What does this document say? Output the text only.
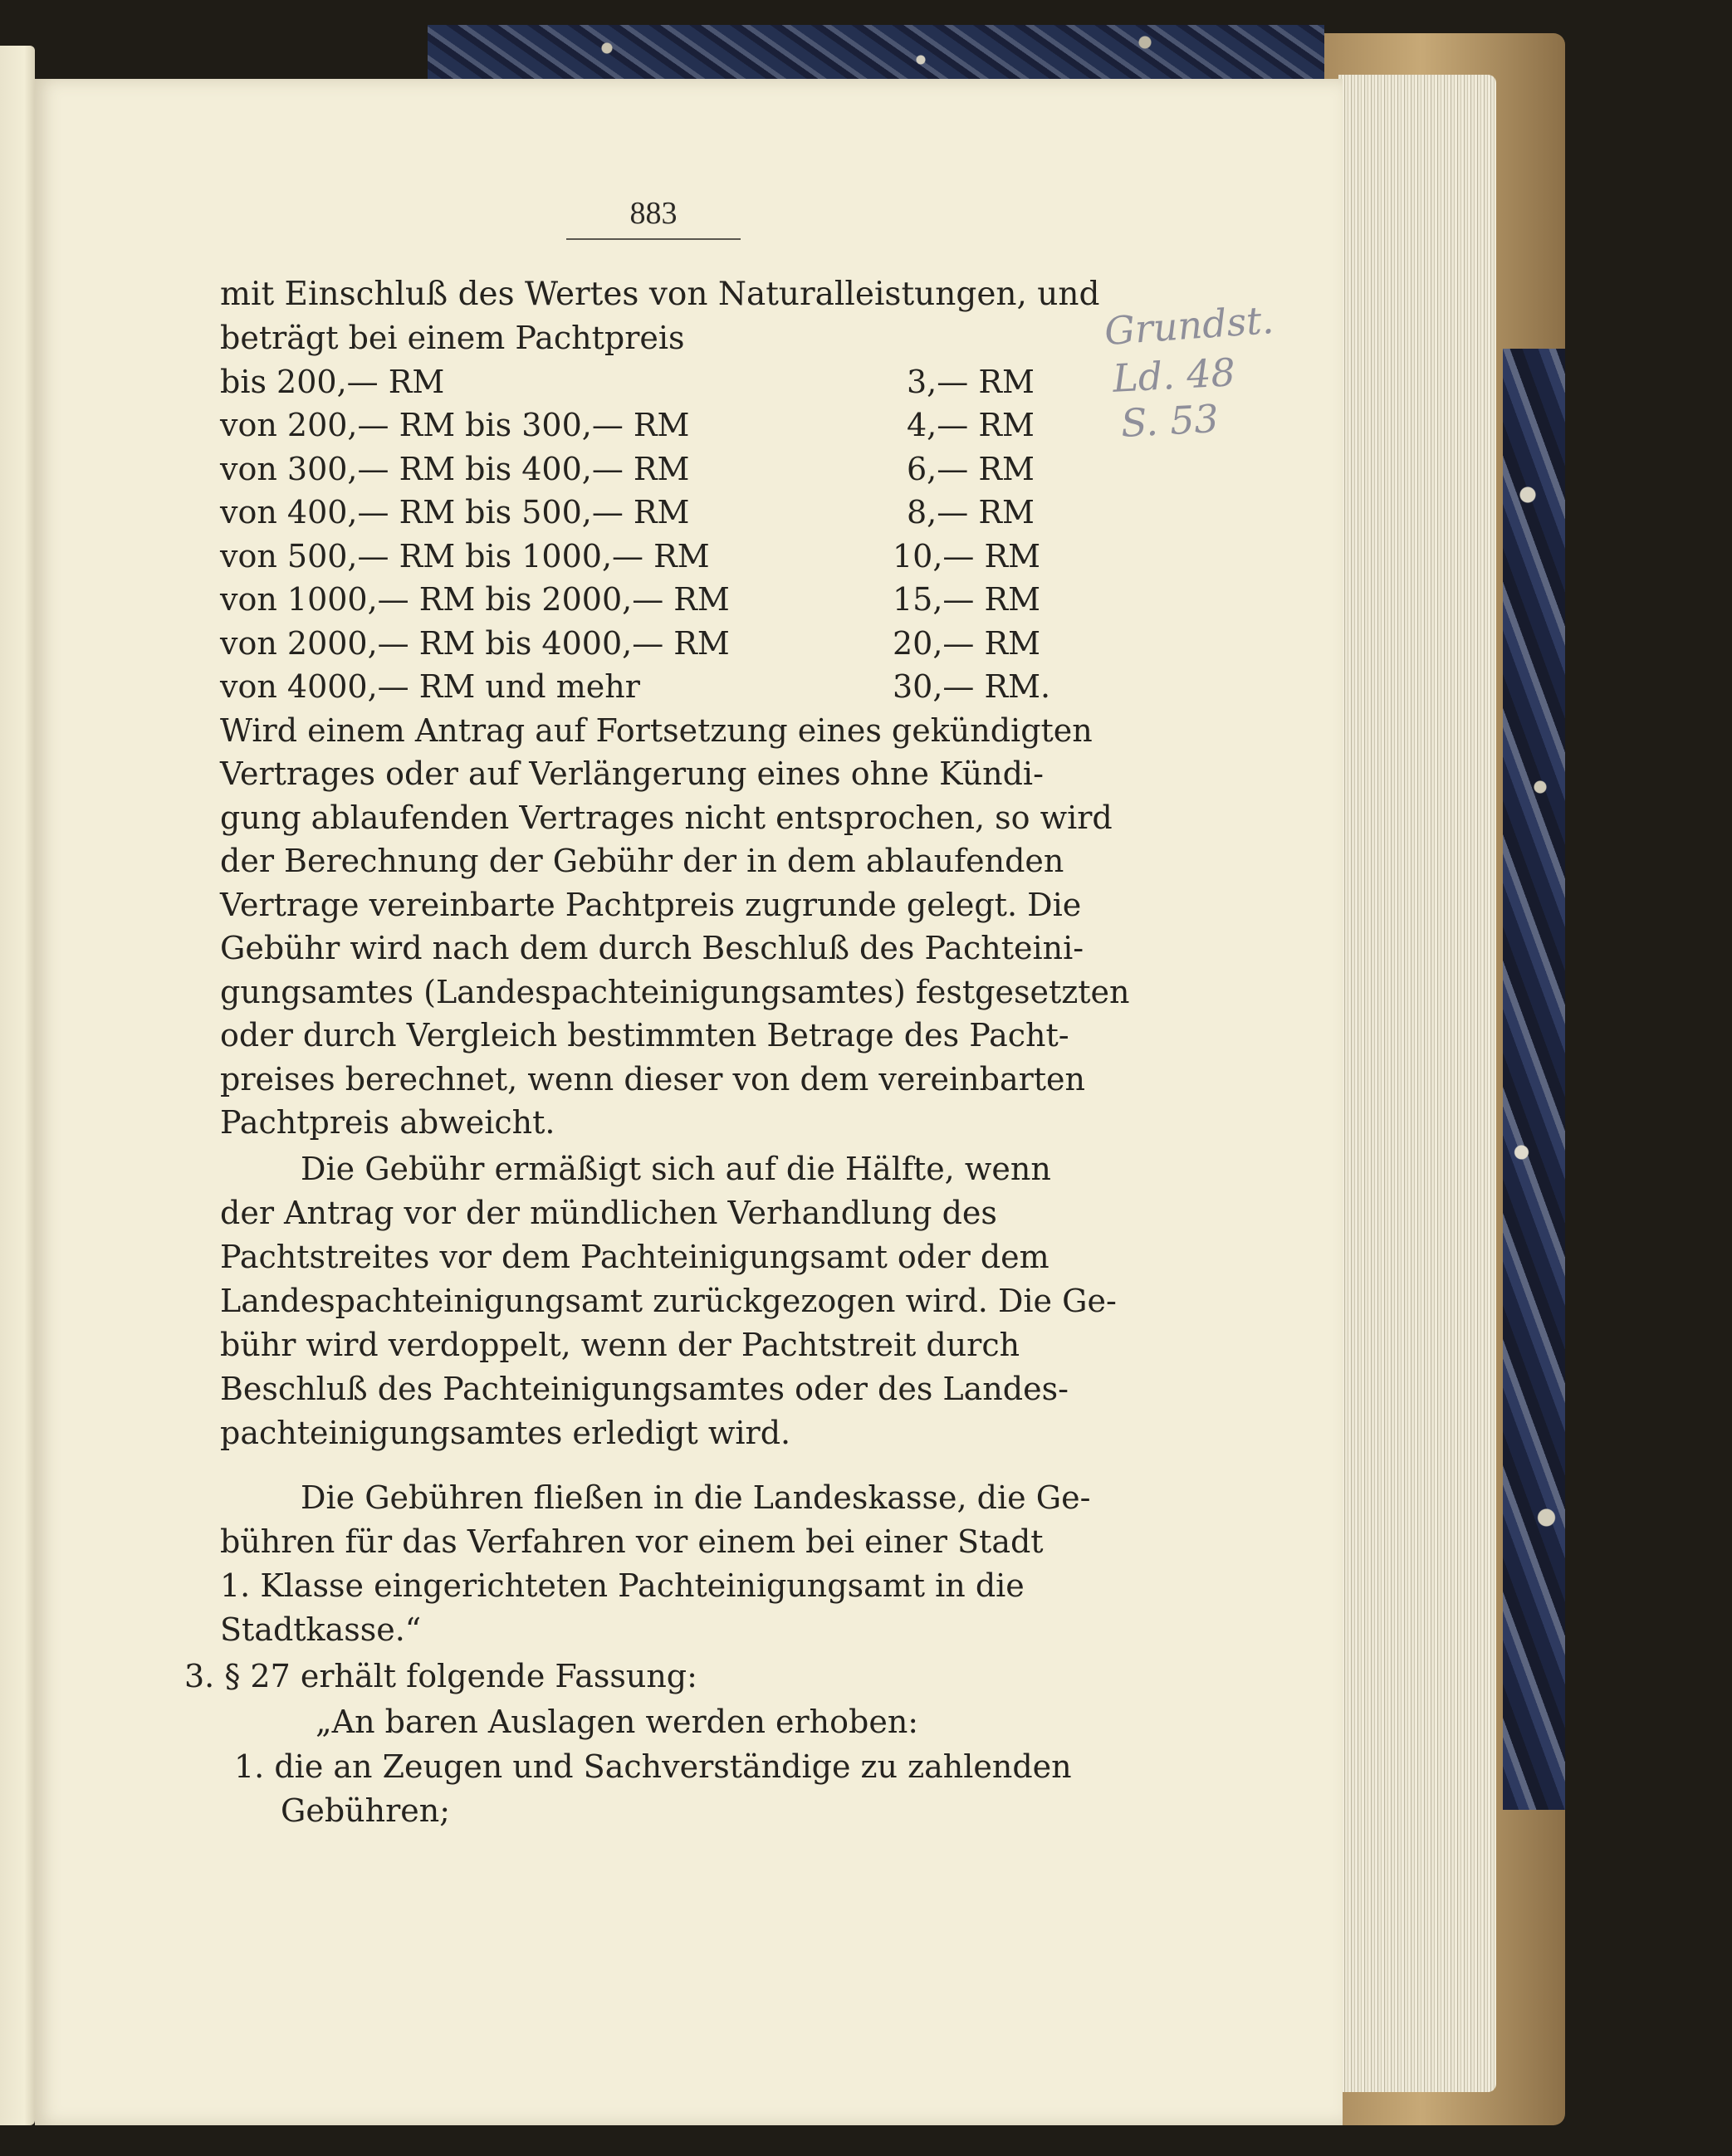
883
mit Einschluß des Wertes von Naturalleistungen, und
beträgt bei einem Pachtpreis
bis 200,— RM	3,— RM
von 200,— RM bis 300,— RM	4,— RM
von 300,— RM bis 400,— RM	6,— RM
von 400,— RM bis 500,— RM	8,— RM
von 500,— RM bis 1000,— RM	10,— RM
von 1000,— RM bis 2000,— RM	15,— RM
von 2000,— RM bis 4000,— RM	20,— RM
von 4000,— RM und mehr	30,— RM.
Wird einem Antrag auf Fortsetzung eines gekündigten
Vertrages oder auf Verlängerung eines ohne Kündi-
gung ablaufenden Vertrages nicht entsprochen, so wird
der Berechnung der Gebühr der in dem ablaufenden
Vertrage vereinbarte Pachtpreis zugrunde gelegt. Die
Gebühr wird nach dem durch Beschluß des Pachteini-
gungsamtes (Landespachteinigungsamtes) festgesetzten
oder durch Vergleich bestimmten Betrage des Pacht-
preises berechnet, wenn dieser von dem vereinbarten
Pachtpreis abweicht.
Die Gebühr ermäßigt sich auf die Hälfte, wenn
der Antrag vor der mündlichen Verhandlung des
Pachtstreites vor dem Pachteinigungsamt oder dem
Landespachteinigungsamt zurückgezogen wird. Die Ge-
bühr wird verdoppelt, wenn der Pachtstreit durch
Beschluß des Pachteinigungsamtes oder des Landes-
pachteinigungsamtes erledigt wird.
Die Gebühren fließen in die Landeskasse, die Ge-
bühren für das Verfahren vor einem bei einer Stadt
1. Klasse eingerichteten Pachteinigungsamt in die
Stadtkasse.“
3. § 27 erhält folgende Fassung:
„An baren Auslagen werden erhoben:
1. die an Zeugen und Sachverständige zu zahlenden
Gebühren;
Grundst.
Ld. 48
S. 53
